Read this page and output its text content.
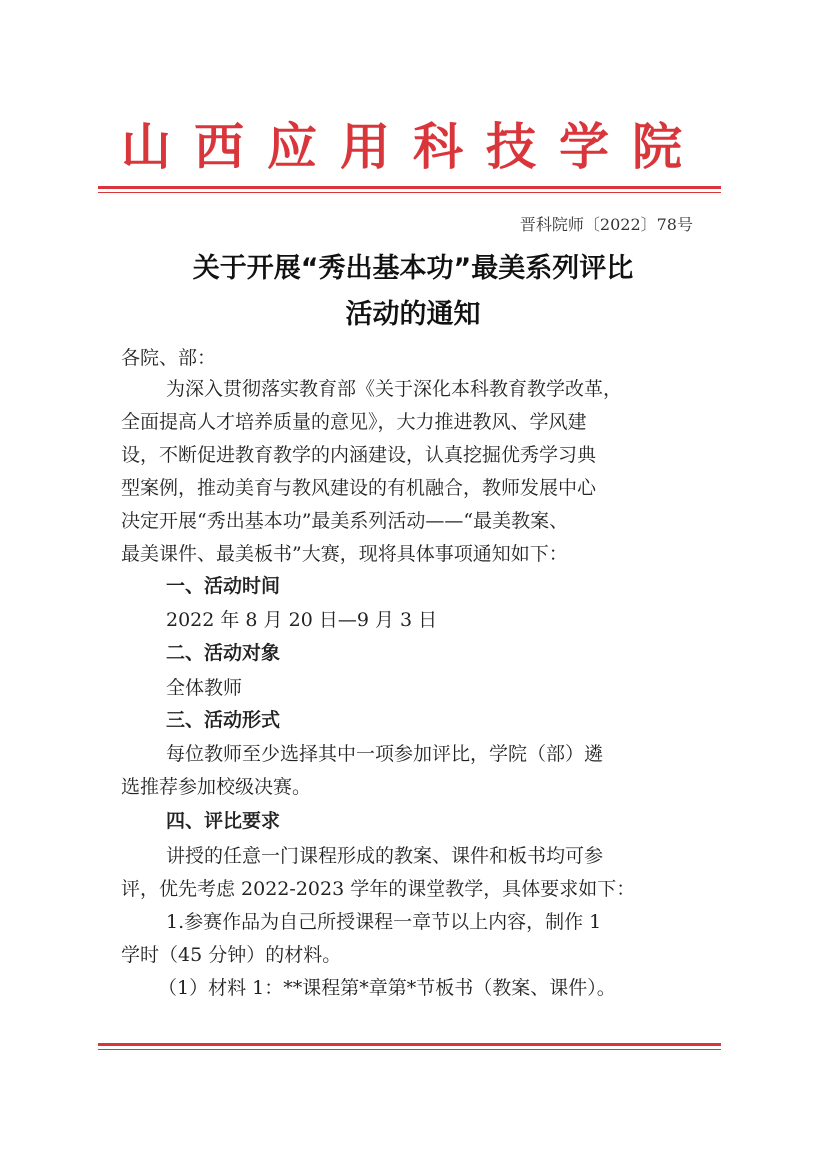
山西应用科技学院
晋科院师〔2022〕78号
关于开展“秀出基本功”最美系列评比
活动的通知
各院、部：
为深入贯彻落实教育部《关于深化本科教育教学改革，
全面提高人才培养质量的意见》，大力推进教风、学风建
设，不断促进教育教学的内涵建设，认真挖掘优秀学习典
型案例，推动美育与教风建设的有机融合，教师发展中心
决定开展“秀出基本功”最美系列活动——“最美教案、
最美课件、最美板书”大赛，现将具体事项通知如下：
一、活动时间
2022 年 8 月 20 日—9 月 3 日
二、活动对象
全体教师
三、活动形式
每位教师至少选择其中一项参加评比，学院（部）遴
选推荐参加校级决赛。
四、评比要求
讲授的任意一门课程形成的教案、课件和板书均可参
评，优先考虑 2022-2023 学年的课堂教学，具体要求如下：
1.参赛作品为自己所授课程一章节以上内容，制作 1
学时（45 分钟）的材料。
（1）材料 1：**课程第*章第*节板书（教案、课件）。
